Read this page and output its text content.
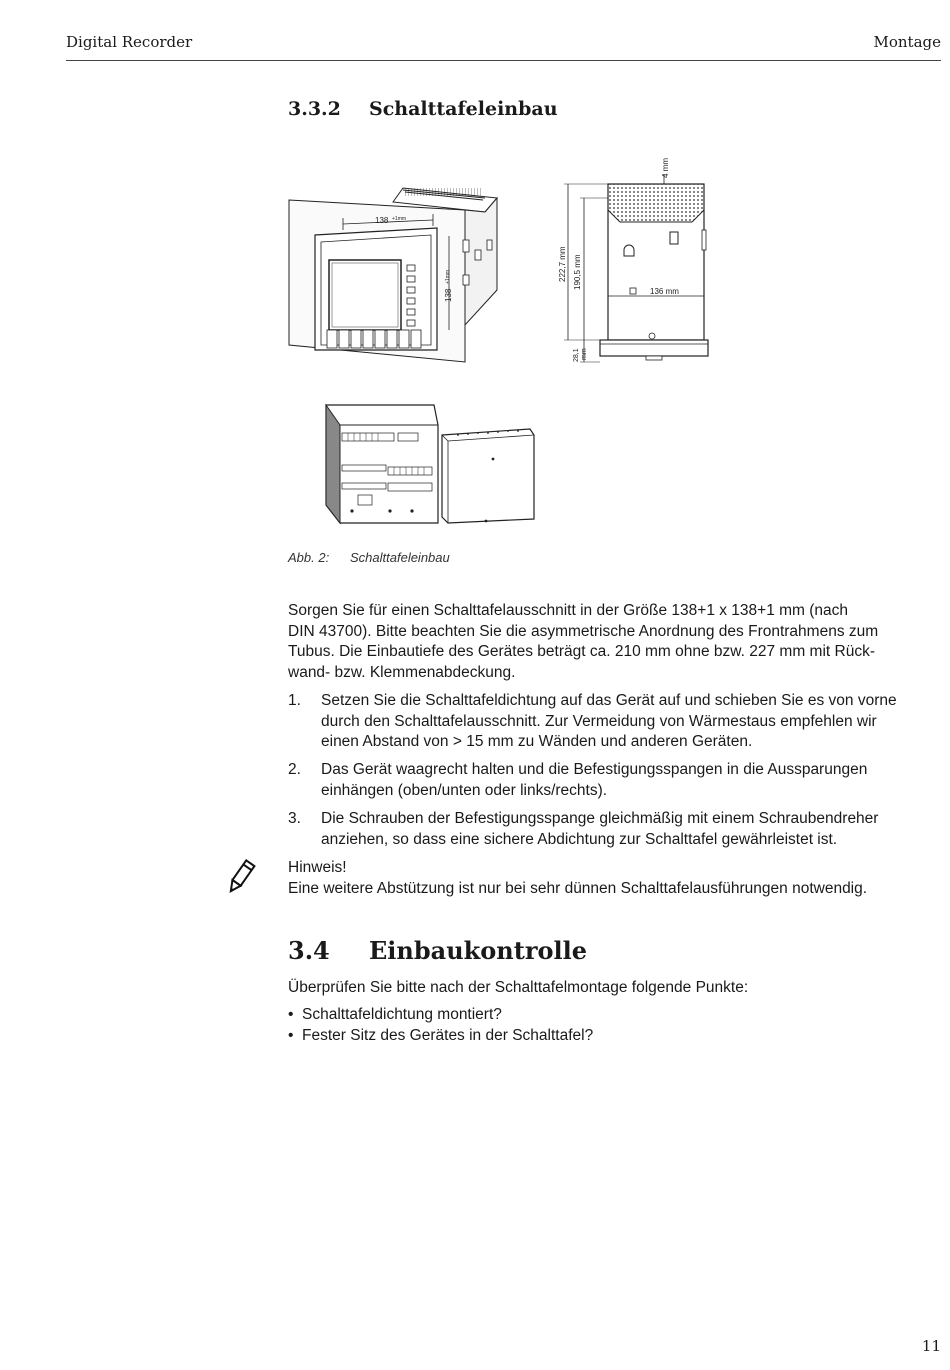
Digital Recorder	Montage
3.3.2 Schalttafeleinbau
138 +1mm
138
+1mm
136 mm
4 mm
222,7 mm 190,5 mm
28,1 mm
Abb. 2: Schalttafeleinbau
Sorgen Sie für einen Schalttafelausschnitt in der Größe 138+1 x 138+1 mm (nach
DIN 43700). Bitte beachten Sie die asymmetrische Anordnung des Frontrahmens zum
Tubus. Die Einbautiefe des Gerätes beträgt ca. 210 mm ohne bzw. 227 mm mit Rück-
wand- bzw. Klemmenabdeckung.
1. Setzen Sie die Schalttafeldichtung auf das Gerät auf und schieben Sie es von vorne
durch den Schalttafelausschnitt. Zur Vermeidung von Wärmestaus empfehlen wir
einen Abstand von > 15 mm zu Wänden und anderen Geräten.
2. Das Gerät waagrecht halten und die Befestigungsspangen in die Aussparungen
einhängen (oben/unten oder links/rechts).
3. Die Schrauben der Befestigungsspange gleichmäßig mit einem Schraubendreher
anziehen, so dass eine sichere Abdichtung zur Schalttafel gewährleistet ist.
Hinweis!
Eine weitere Abstützung ist nur bei sehr dünnen Schalttafelausführungen notwendig.
3.4 Einbaukontrolle
Überprüfen Sie bitte nach der Schalttafelmontage folgende Punkte:
• Schalttafeldichtung montiert?
• Fester Sitz des Gerätes in der Schalttafel?
11
